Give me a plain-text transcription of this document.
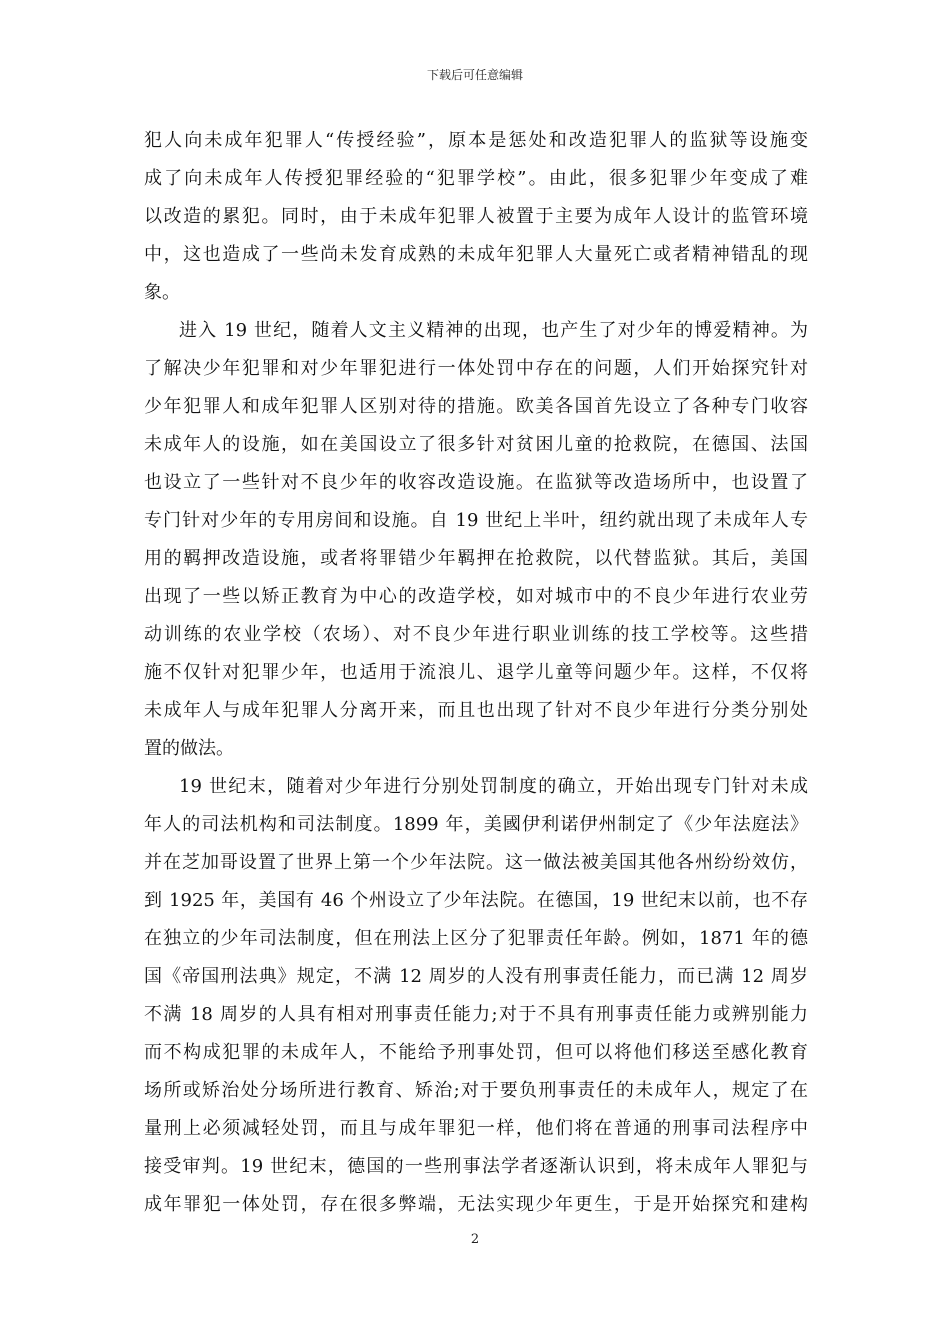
下载后可任意编辑
犯人向未成年犯罪人“传授经验”，原本是惩处和改造犯罪人的监狱等设施变
成了向未成年人传授犯罪经验的“犯罪学校”。由此，很多犯罪少年变成了难
以改造的累犯。同时，由于未成年犯罪人被置于主要为成年人设计的监管环境
中，这也造成了一些尚未发育成熟的未成年犯罪人大量死亡或者精神错乱的现
象。
进入 19 世纪，随着人文主义精神的出现，也产生了对少年的博爱精神。为
了解决少年犯罪和对少年罪犯进行一体处罚中存在的问题，人们开始探究针对
少年犯罪人和成年犯罪人区别对待的措施。欧美各国首先设立了各种专门收容
未成年人的设施，如在美国设立了很多针对贫困儿童的抢救院，在德国、法国
也设立了一些针对不良少年的收容改造设施。在监狱等改造场所中，也设置了
专门针对少年的专用房间和设施。自 19 世纪上半叶，纽约就出现了未成年人专
用的羁押改造设施，或者将罪错少年羁押在抢救院，以代替监狱。其后，美国
出现了一些以矫正教育为中心的改造学校，如对城市中的不良少年进行农业劳
动训练的农业学校（农场）、对不良少年进行职业训练的技工学校等。这些措
施不仅针对犯罪少年，也适用于流浪儿、退学儿童等问题少年。这样，不仅将
未成年人与成年犯罪人分离开来，而且也出现了针对不良少年进行分类分别处
置的做法。
19 世纪末，随着对少年进行分别处罚制度的确立，开始出现专门针对未成
年人的司法机构和司法制度。1899 年，美國伊利诺伊州制定了《少年法庭法》
并在芝加哥设置了世界上第一个少年法院。这一做法被美国其他各州纷纷效仿，
到 1925 年，美国有 46 个州设立了少年法院。在德国，19 世纪末以前，也不存
在独立的少年司法制度，但在刑法上区分了犯罪责任年龄。例如，1871 年的德
国《帝国刑法典》规定，不满 12 周岁的人没有刑事责任能力，而已满 12 周岁
不满 18 周岁的人具有相对刑事责任能力;对于不具有刑事责任能力或辨别能力
而不构成犯罪的未成年人，不能给予刑事处罚，但可以将他们移送至感化教育
场所或矫治处分场所进行教育、矫治;对于要负刑事责任的未成年人，规定了在
量刑上必须减轻处罚，而且与成年罪犯一样，他们将在普通的刑事司法程序中
接受审判。19 世纪末，德国的一些刑事法学者逐渐认识到，将未成年人罪犯与
成年罪犯一体处罚，存在很多弊端，无法实现少年更生，于是开始探究和建构
2
